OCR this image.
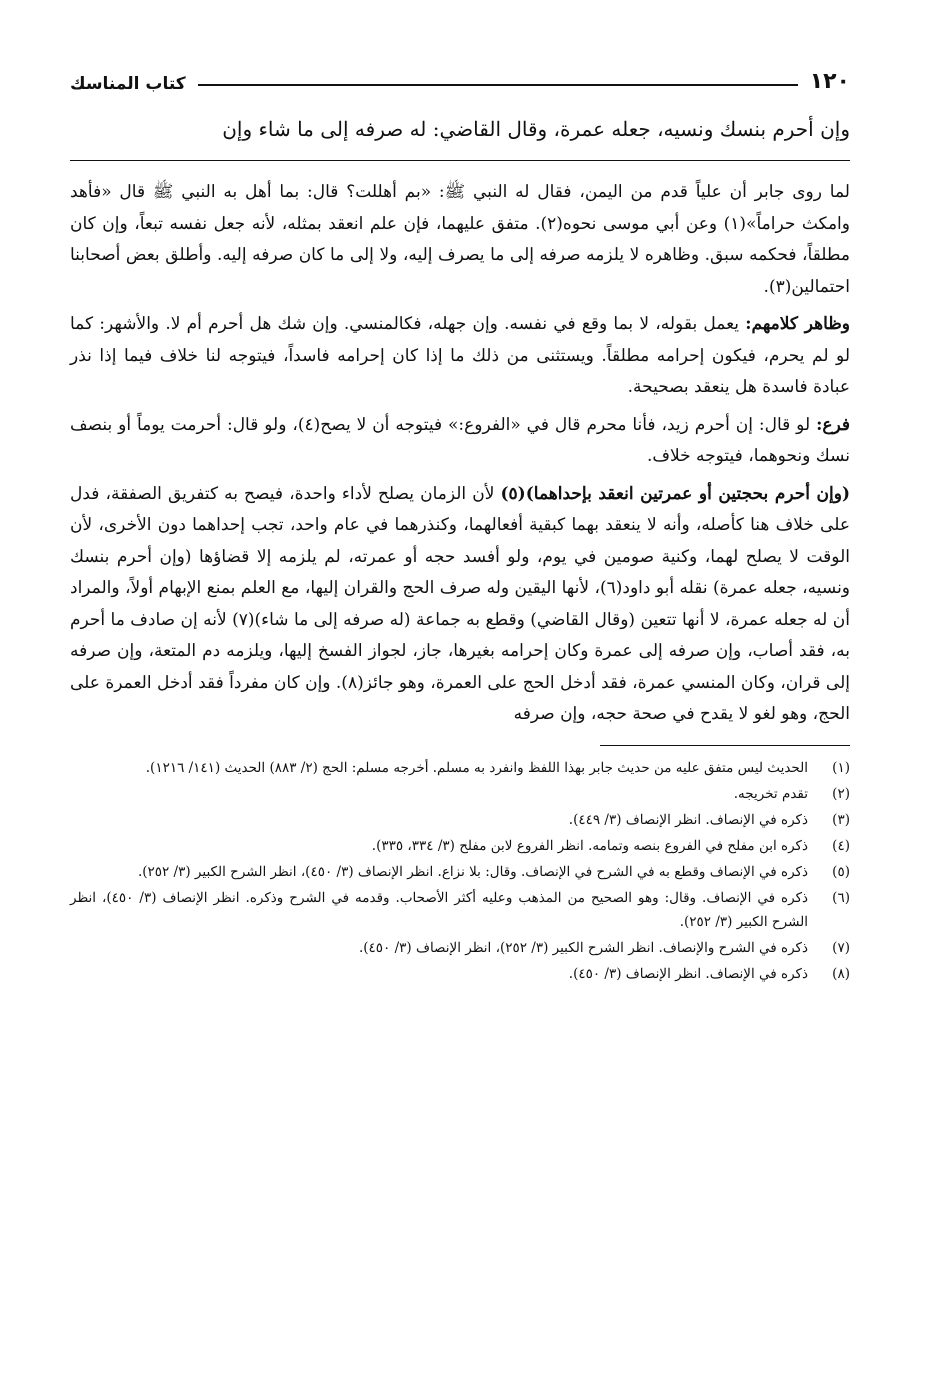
١٢٠
كتاب المناسك
وإن أحرم بنسك ونسيه، جعله عمرة، وقال القاضي: له صرفه إلى ما شاء وإن

لما روى جابر أن علياً قدم من اليمن، فقال له النبي ﷺ: «بم أهللت؟ قال: بما أهل به النبي ﷺ قال «فأهد وامكث حراماً»(١) وعن أبي موسى نحوه(٢). متفق عليهما، فإن علم انعقد بمثله، لأنه جعل نفسه تبعاً، وإن كان مطلقاً، فحكمه سبق. وظاهره لا يلزمه صرفه إلى ما يصرف إليه، ولا إلى ما كان صرفه إليه. وأطلق بعض أصحابنا احتمالين(٣).

وظاهر كلامهم: يعمل بقوله، لا بما وقع في نفسه. وإن جهله، فكالمنسي. وإن شك هل أحرم أم لا. والأشهر: كما لو لم يحرم، فيكون إحرامه مطلقاً. ويستثنى من ذلك ما إذا كان إحرامه فاسداً، فيتوجه لنا خلاف فيما إذا نذر عبادة فاسدة هل ينعقد بصحيحة.

فرع: لو قال: إن أحرم زيد، فأنا محرم قال في «الفروع:» فيتوجه أن لا يصح(٤)، ولو قال: أحرمت يوماً أو بنصف نسك ونحوهما، فيتوجه خلاف.

(وإن أحرم بحجتين أو عمرتين انعقد بإحداهما)(٥) لأن الزمان يصلح لأداء واحدة، فيصح به كتفريق الصفقة، فدل على خلاف هنا كأصله، وأنه لا ينعقد بهما كبقية أفعالهما، وكنذرهما في عام واحد، تجب إحداهما دون الأخرى، لأن الوقت لا يصلح لهما، وكنية صومين في يوم، ولو أفسد حجه أو عمرته، لم يلزمه إلا قضاؤها (وإن أحرم بنسك ونسيه، جعله عمرة) نقله أبو داود(٦)، لأنها اليقين وله صرف الحج والقران إليها، مع العلم بمنع الإبهام أولاً، والمراد أن له جعله عمرة، لا أنها تتعين (وقال القاضي) وقطع به جماعة (له صرفه إلى ما شاء)(٧) لأنه إن صادف ما أحرم به، فقد أصاب، وإن صرفه إلى عمرة وكان إحرامه بغيرها، جاز، لجواز الفسخ إليها، ويلزمه دم المتعة، وإن صرفه إلى قران، وكان المنسي عمرة، فقد أدخل الحج على العمرة، وهو جائز(٨). وإن كان مفرداً فقد أدخل العمرة على الحج، وهو لغو لا يقدح في صحة حجه، وإن صرفه

(١)
الحديث ليس متفق عليه من حديث جابر بهذا اللفظ وانفرد به مسلم. أخرجه مسلم: الحج (٢/ ٨٨٣) الحديث (١٤١/ ١٢١٦).
(٢)
تقدم تخريجه.
(٣)
ذكره في الإنصاف. انظر الإنصاف (٣/ ٤٤٩).
(٤)
ذكره ابن مفلح في الفروع بنصه وتمامه. انظر الفروع لابن مفلح (٣/ ٣٣٤، ٣٣٥).
(٥)
ذكره في الإنصاف وقطع به في الشرح في الإنصاف. وقال: بلا نزاع. انظر الإنصاف (٣/ ٤٥٠)، انظر الشرح الكبير (٣/ ٢٥٢).
(٦)
ذكره في الإنصاف. وقال: وهو الصحيح من المذهب وعليه أكثر الأصحاب. وقدمه في الشرح وذكره. انظر الإنصاف (٣/ ٤٥٠)، انظر الشرح الكبير (٣/ ٢٥٢).
(٧)
ذكره في الشرح والإنصاف. انظر الشرح الكبير (٣/ ٢٥٢)، انظر الإنصاف (٣/ ٤٥٠).
(٨)
ذكره في الإنصاف. انظر الإنصاف (٣/ ٤٥٠).
